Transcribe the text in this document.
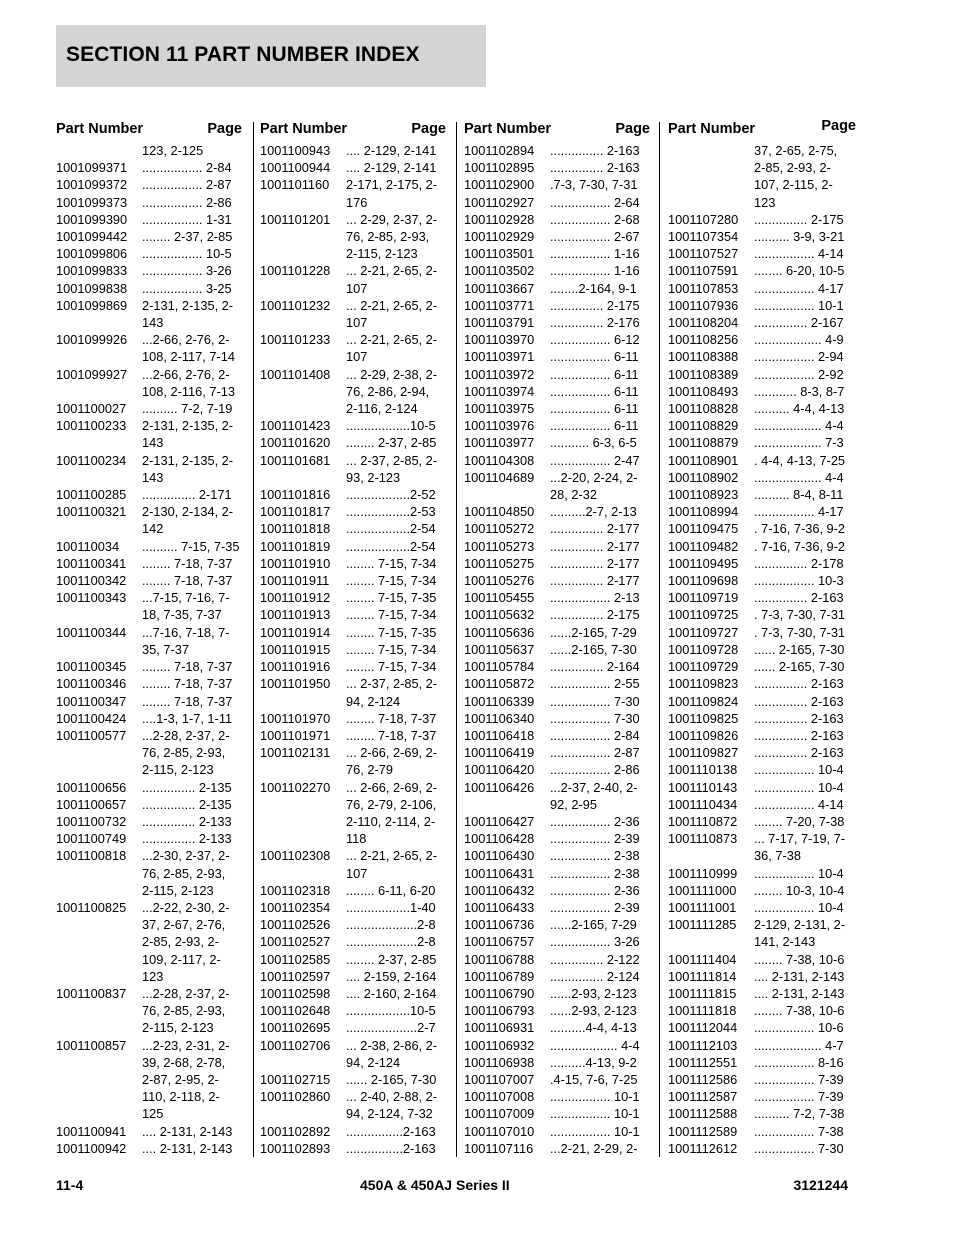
SECTION 11 PART NUMBER INDEX
Part Number	Page
123, 2-125
1001099371	................. 2-84
1001099372	................. 2-87
1001099373	................. 2-86
1001099390	................. 1-31
1001099442	........ 2-37, 2-85
1001099806	................. 10-5
1001099833	................. 3-26
1001099838	................. 3-25
1001099869	2-131, 2-135, 2-
143
1001099926	...2-66, 2-76, 2-
108, 2-117, 7-14
1001099927	...2-66, 2-76, 2-
108, 2-116, 7-13
1001100027	.......... 7-2, 7-19
1001100233	2-131, 2-135, 2-
143
1001100234	2-131, 2-135, 2-
143
1001100285	............... 2-171
1001100321	2-130, 2-134, 2-
142
100110034	.......... 7-15, 7-35
1001100341	........ 7-18, 7-37
1001100342	........ 7-18, 7-37
1001100343	...7-15, 7-16, 7-
18, 7-35, 7-37
1001100344	...7-16, 7-18, 7-
35, 7-37
1001100345	........ 7-18, 7-37
1001100346	........ 7-18, 7-37
1001100347	........ 7-18, 7-37
1001100424	....1-3, 1-7, 1-11
1001100577	...2-28, 2-37, 2-
76, 2-85, 2-93,
2-115, 2-123
1001100656	............... 2-135
1001100657	............... 2-135
1001100732	............... 2-133
1001100749	............... 2-133
1001100818	...2-30, 2-37, 2-
76, 2-85, 2-93,
2-115, 2-123
1001100825	...2-22, 2-30, 2-
37, 2-67, 2-76,
2-85, 2-93, 2-
109, 2-117, 2-
123
1001100837	...2-28, 2-37, 2-
76, 2-85, 2-93,
2-115, 2-123
1001100857	...2-23, 2-31, 2-
39, 2-68, 2-78,
2-87, 2-95, 2-
110, 2-118, 2-
125
1001100941	.... 2-131, 2-143
1001100942	.... 2-131, 2-143
Part Number	Page
1001100943	.... 2-129, 2-141
1001100944	.... 2-129, 2-141
1001101160	2-171, 2-175, 2-
176
1001101201	... 2-29, 2-37, 2-
76, 2-85, 2-93,
2-115, 2-123
1001101228	... 2-21, 2-65, 2-
107
1001101232	... 2-21, 2-65, 2-
107
1001101233	... 2-21, 2-65, 2-
107
1001101408	... 2-29, 2-38, 2-
76, 2-86, 2-94,
2-116, 2-124
1001101423	..................10-5
1001101620	........ 2-37, 2-85
1001101681	... 2-37, 2-85, 2-
93, 2-123
1001101816	..................2-52
1001101817	..................2-53
1001101818	..................2-54
1001101819	..................2-54
1001101910	........ 7-15, 7-34
1001101911	........ 7-15, 7-34
1001101912	........ 7-15, 7-35
1001101913	........ 7-15, 7-34
1001101914	........ 7-15, 7-35
1001101915	........ 7-15, 7-34
1001101916	........ 7-15, 7-34
1001101950	... 2-37, 2-85, 2-
94, 2-124
1001101970	........ 7-18, 7-37
1001101971	........ 7-18, 7-37
1001102131	... 2-66, 2-69, 2-
76, 2-79
1001102270	... 2-66, 2-69, 2-
76, 2-79, 2-106,
2-110, 2-114, 2-
118
1001102308	... 2-21, 2-65, 2-
107
1001102318	........ 6-11, 6-20
1001102354	..................1-40
1001102526	....................2-8
1001102527	....................2-8
1001102585	........ 2-37, 2-85
1001102597	.... 2-159, 2-164
1001102598	.... 2-160, 2-164
1001102648	..................10-5
1001102695	....................2-7
1001102706	... 2-38, 2-86, 2-
94, 2-124
1001102715	...... 2-165, 7-30
1001102860	... 2-40, 2-88, 2-
94, 2-124, 7-32
1001102892	................2-163
1001102893	................2-163
Part Number	Page
1001102894	............... 2-163
1001102895	............... 2-163
1001102900	.7-3, 7-30, 7-31
1001102927	................. 2-64
1001102928	................. 2-68
1001102929	................. 2-67
1001103501	................. 1-16
1001103502	................. 1-16
1001103667	........2-164, 9-1
1001103771	............... 2-175
1001103791	............... 2-176
1001103970	................. 6-12
1001103971	................. 6-11
1001103972	................. 6-11
1001103974	................. 6-11
1001103975	................. 6-11
1001103976	................. 6-11
1001103977	........... 6-3, 6-5
1001104308	................. 2-47
1001104689	...2-20, 2-24, 2-
28, 2-32
1001104850	..........2-7, 2-13
1001105272	............... 2-177
1001105273	............... 2-177
1001105275	............... 2-177
1001105276	............... 2-177
1001105455	................. 2-13
1001105632	............... 2-175
1001105636	......2-165, 7-29
1001105637	......2-165, 7-30
1001105784	............... 2-164
1001105872	................. 2-55
1001106339	................. 7-30
1001106340	................. 7-30
1001106418	................. 2-84
1001106419	................. 2-87
1001106420	................. 2-86
1001106426	...2-37, 2-40, 2-
92, 2-95
1001106427	................. 2-36
1001106428	................. 2-39
1001106430	................. 2-38
1001106431	................. 2-38
1001106432	................. 2-36
1001106433	................. 2-39
1001106736	......2-165, 7-29
1001106757	................. 3-26
1001106788	............... 2-122
1001106789	............... 2-124
1001106790	......2-93, 2-123
1001106793	......2-93, 2-123
1001106931	..........4-4, 4-13
1001106932	................... 4-4
1001106938	..........4-13, 9-2
1001107007	.4-15, 7-6, 7-25
1001107008	................. 10-1
1001107009	................. 10-1
1001107010	................. 10-1
1001107116	...2-21, 2-29, 2-
Part Number	Page
37, 2-65, 2-75,
2-85, 2-93, 2-
107, 2-115, 2-
123
1001107280	............... 2-175
1001107354	.......... 3-9, 3-21
1001107527	................. 4-14
1001107591	........ 6-20, 10-5
1001107853	................. 4-17
1001107936	................. 10-1
1001108204	............... 2-167
1001108256	................... 4-9
1001108388	................. 2-94
1001108389	................. 2-92
1001108493	............ 8-3, 8-7
1001108828	.......... 4-4, 4-13
1001108829	................... 4-4
1001108879	................... 7-3
1001108901	. 4-4, 4-13, 7-25
1001108902	................... 4-4
1001108923	.......... 8-4, 8-11
1001108994	................. 4-17
1001109475	. 7-16, 7-36, 9-2
1001109482	. 7-16, 7-36, 9-2
1001109495	............... 2-178
1001109698	................. 10-3
1001109719	............... 2-163
1001109725	. 7-3, 7-30, 7-31
1001109727	. 7-3, 7-30, 7-31
1001109728	...... 2-165, 7-30
1001109729	...... 2-165, 7-30
1001109823	............... 2-163
1001109824	............... 2-163
1001109825	............... 2-163
1001109826	............... 2-163
1001109827	............... 2-163
1001110138	................. 10-4
1001110143	................. 10-4
1001110434	................. 4-14
1001110872	........ 7-20, 7-38
1001110873	... 7-17, 7-19, 7-
36, 7-38
1001110999	................. 10-4
1001111000	........ 10-3, 10-4
1001111001	................. 10-4
1001111285	2-129, 2-131, 2-
141, 2-143
1001111404	........ 7-38, 10-6
1001111814	.... 2-131, 2-143
1001111815	.... 2-131, 2-143
1001111818	........ 7-38, 10-6
1001112044	................. 10-6
1001112103	................... 4-7
1001112551	................. 8-16
1001112586	................. 7-39
1001112587	................. 7-39
1001112588	.......... 7-2, 7-38
1001112589	................. 7-38
1001112612	................. 7-30
11-4	450A & 450AJ Series II	3121244
